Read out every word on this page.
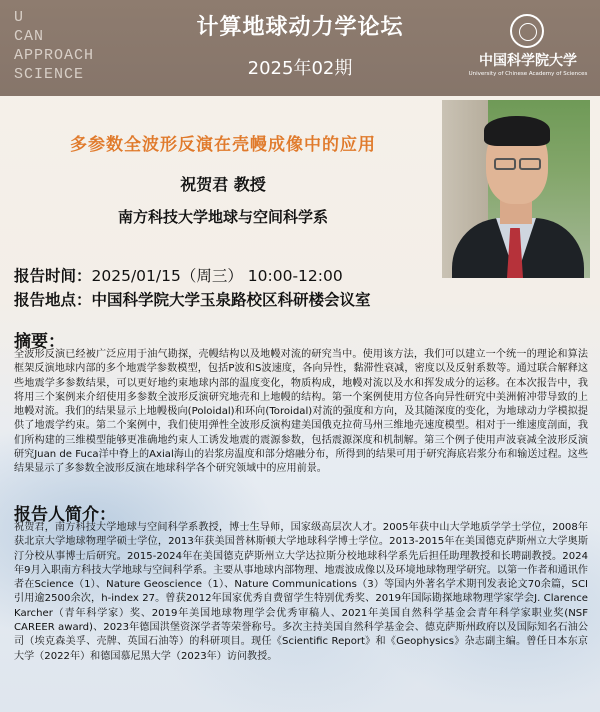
U
CAN
APPROACH
SCIENCE
计算地球动力学论坛
2025年02期	中国科学院大学
University of Chinese Academy of Sciences
多参数全波形反演在壳幔成像中的应用
祝贺君 教授
南方科技大学地球与空间科学系
报告时间：2025/01/15（周三） 10:00-12:00
报告地点：中国科学院大学玉泉路校区科研楼会议室
摘要：
全波形反演已经被广泛应用于油气勘探，壳幔结构以及地幔对流的研究当中。使用该方法，我们可以建立一个统一的理论和算法框架反演地球内部的多个地震学参数模型，包括P波和S波速度，各向异性，黏滞性衰减，密度以及反射系数等。通过联合解释这些地震学多参数结果，可以更好地约束地球内部的温度变化，物质构成，地幔对流以及水和挥发成分的运移。在本次报告中，我将用三个案例来介绍使用多参数全波形反演研究地壳和上地幔的结构。第一个案例使用方位各向异性研究中美洲俯冲带导致的上地幔对流。我们的结果显示上地幔极向(Poloidal)和环向(Toroidal)对流的强度和方向，及其随深度的变化，为地球动力学模拟提供了地震学约束。第二个案例中，我们使用弹性全波形反演构建美国俄克拉荷马州三维地壳速度模型。相对于一维速度剖面，我们所构建的三维模型能够更准确地约束人工诱发地震的震源参数，包括震源深度和机制解。第三个例子使用声波衰减全波形反演研究Juan de Fuca洋中脊上的Axial海山的岩浆房温度和部分熔融分布，所得到的结果可用于研究海底岩浆分布和输送过程。这些结果显示了多参数全波形反演在地球科学各个研究领域中的应用前景。
报告人简介：
祝贺君，南方科技大学地球与空间科学系教授，博士生导师，国家级高层次人才。2005年获中山大学地质学学士学位，2008年获北京大学地球物理学硕士学位，2013年获美国普林斯顿大学地球科学博士学位。2013-2015年在美国德克萨斯州立大学奥斯汀分校从事博士后研究。2015-2024年在美国德克萨斯州立大学达拉斯分校地球科学系先后担任助理教授和长聘副教授。2024年9月入职南方科技大学地球与空间科学系。主要从事地球内部物理、地震波成像以及环境地球物理学研究。以第一作者和通讯作者在Science（1）、Nature Geoscience（1）、Nature Communications（3）等国内外著名学术期刊发表论文70余篇，SCI引用逾2500余次，h-index 27。曾获2012年国家优秀自费留学生特别优秀奖、2019年国际勘探地球物理学家学会J. Clarence Karcher（青年科学家）奖、2019年美国地球物理学会优秀审稿人、2021年美国自然科学基金会青年科学家职业奖(NSF CAREER award)、2023年德国洪堡资深学者等荣誉称号。多次主持美国自然科学基金会、德克萨斯州政府以及国际知名石油公司（埃克森美孚、壳牌、英国石油等）的科研项目。现任《Scientific Report》和《Geophysics》杂志副主编。曾任日本东京大学（2022年）和德国慕尼黑大学（2023年）访问教授。
